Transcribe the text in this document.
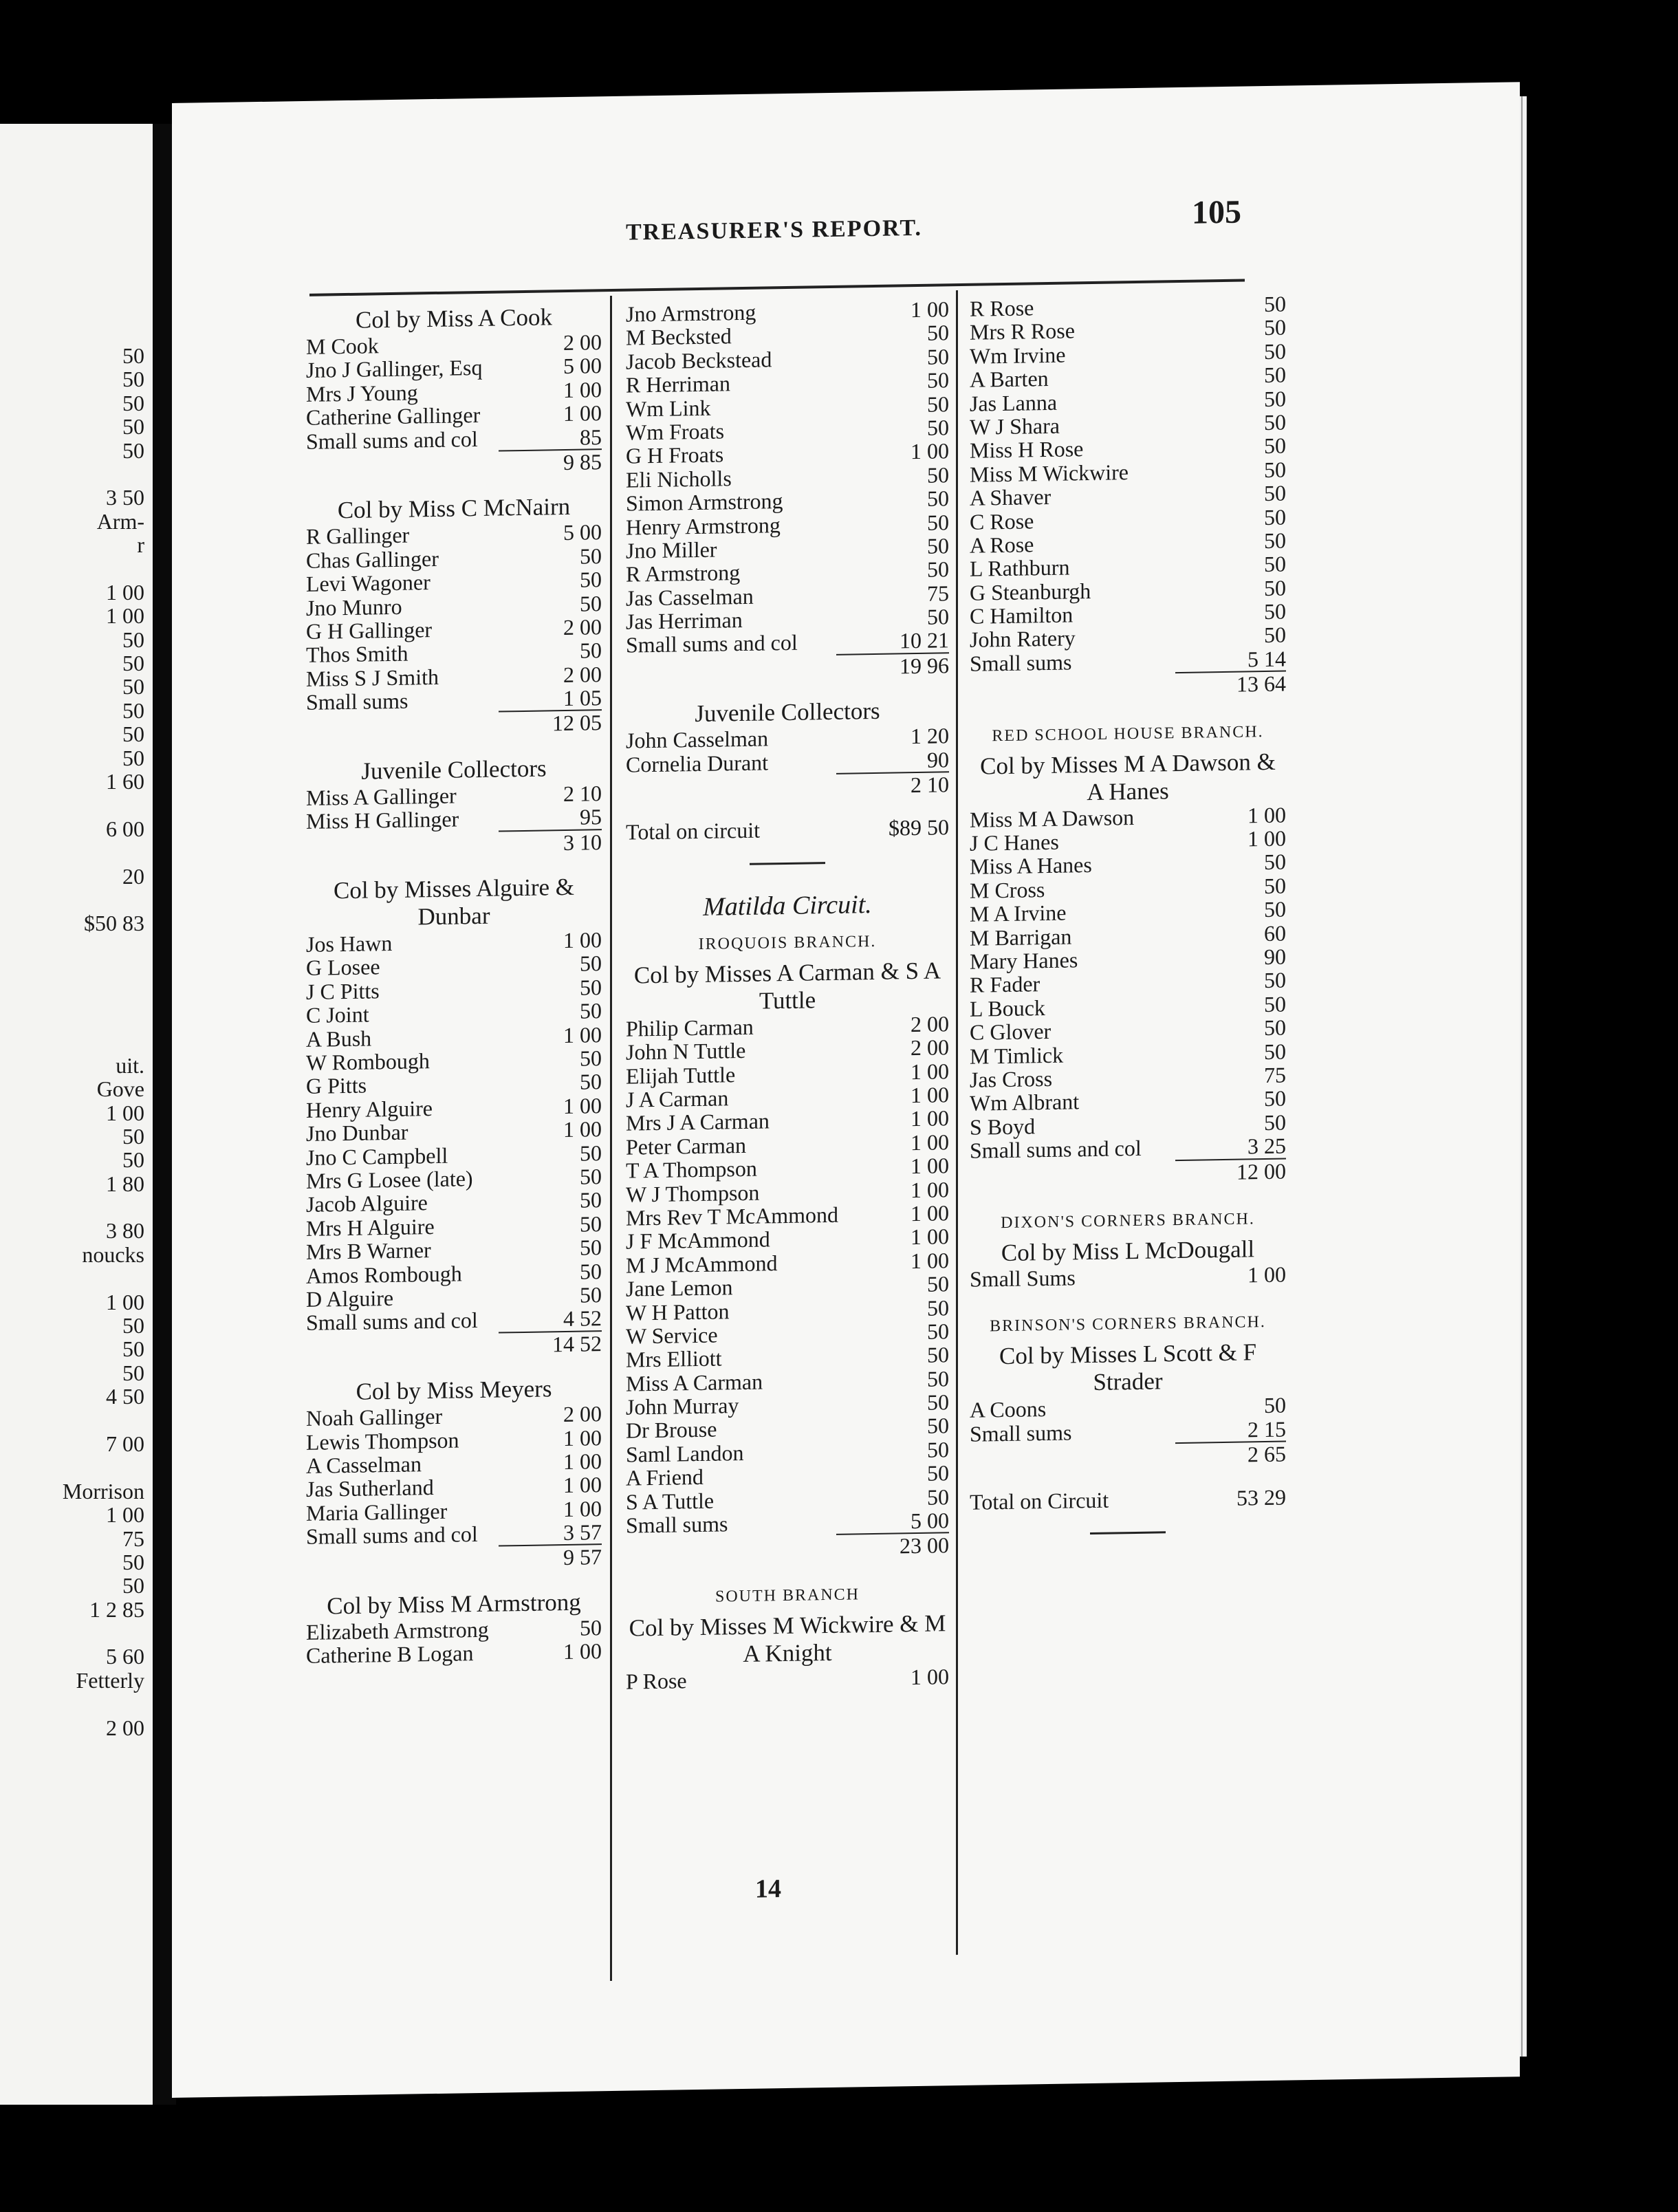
50
50
50
50
50
3 50
Arm-
r
1 00
1 00
50
50
50
50
50
50
1 60
6 00
20
$50 83
uit.
Gove
1 00
50
50
1 80
3 80
noucks
1 00
50
50
50
4 50
7 00
Morrison
1 00
75
50
50
1 2 85
5 60
Fetterly
2 00
TREASURER'S REPORT.	105
Col by Miss A Cook
M Cook	2 00
Jno J Gallinger, Esq	5 00
Mrs J Young	1 00
Catherine Gallinger	1 00
Small sums and col	85
9 85
Col by Miss C McNairn
R Gallinger	5 00
Chas Gallinger	50
Levi Wagoner	50
Jno Munro	50
G H Gallinger	2 00
Thos Smith	50
Miss S J Smith	2 00
Small sums	1 05
12 05
Juvenile Collectors
Miss A Gallinger	2 10
Miss H Gallinger	95
3 10
Col by Misses Alguire & Dunbar
Jos Hawn	1 00
G Losee	50
J C Pitts	50
C Joint	50
A Bush	1 00
W Rombough	50
G Pitts	50
Henry Alguire	1 00
Jno Dunbar	1 00
Jno C Campbell	50
Mrs G Losee (late)	50
Jacob Alguire	50
Mrs H Alguire	50
Mrs B Warner	50
Amos Rombough	50
D Alguire	50
Small sums and col	4 52
14 52
Col by Miss Meyers
Noah Gallinger	2 00
Lewis Thompson	1 00
A Casselman	1 00
Jas Sutherland	1 00
Maria Gallinger	1 00
Small sums and col	3 57
9 57
Col by Miss M Armstrong
Elizabeth Armstrong	50
Catherine B Logan	1 00
Jno Armstrong	1 00
M Becksted	50
Jacob Beckstead	50
R Herriman	50
Wm Link	50
Wm Froats	50
G H Froats	1 00
Eli Nicholls	50
Simon Armstrong	50
Henry Armstrong	50
Jno Miller	50
R Armstrong	50
Jas Casselman	75
Jas Herriman	50
Small sums and col	10 21
19 96
Juvenile Collectors
John Casselman	1 20
Cornelia Durant	90
2 10
Total on circuit	$89 50
Matilda Circuit.
IROQUOIS BRANCH.
Col by Misses A Carman & S A Tuttle
Philip Carman	2 00
John N Tuttle	2 00
Elijah Tuttle	1 00
J A Carman	1 00
Mrs J A Carman	1 00
Peter Carman	1 00
T A Thompson	1 00
W J Thompson	1 00
Mrs Rev T McAmmond	1 00
J F McAmmond	1 00
M J McAmmond	1 00
Jane Lemon	50
W H Patton	50
W Service	50
Mrs Elliott	50
Miss A Carman	50
John Murray	50
Dr Brouse	50
Saml Landon	50
A Friend	50
S A Tuttle	50
Small sums	5 00
23 00
SOUTH BRANCH
Col by Misses M Wickwire & M A Knight
P Rose	1 00
R Rose	50
Mrs R Rose	50
Wm Irvine	50
A Barten	50
Jas Lanna	50
W J Shara	50
Miss H Rose	50
Miss M Wickwire	50
A Shaver	50
C Rose	50
A Rose	50
L Rathburn	50
G Steanburgh	50
C Hamilton	50
John Ratery	50
Small sums	5 14
13 64
RED SCHOOL HOUSE BRANCH.
Col by Misses M A Dawson & A Hanes
Miss M A Dawson	1 00
J C Hanes	1 00
Miss A Hanes	50
M Cross	50
M A Irvine	50
M Barrigan	60
Mary Hanes	90
R Fader	50
L Bouck	50
C Glover	50
M Timlick	50
Jas Cross	75
Wm Albrant	50
S Boyd	50
Small sums and col	3 25
12 00
DIXON'S CORNERS BRANCH.
Col by Miss L McDougall
Small Sums	1 00
BRINSON'S CORNERS BRANCH.
Col by Misses L Scott & F Strader
A Coons	50
Small sums	2 15
2 65
Total on Circuit	53 29
14
